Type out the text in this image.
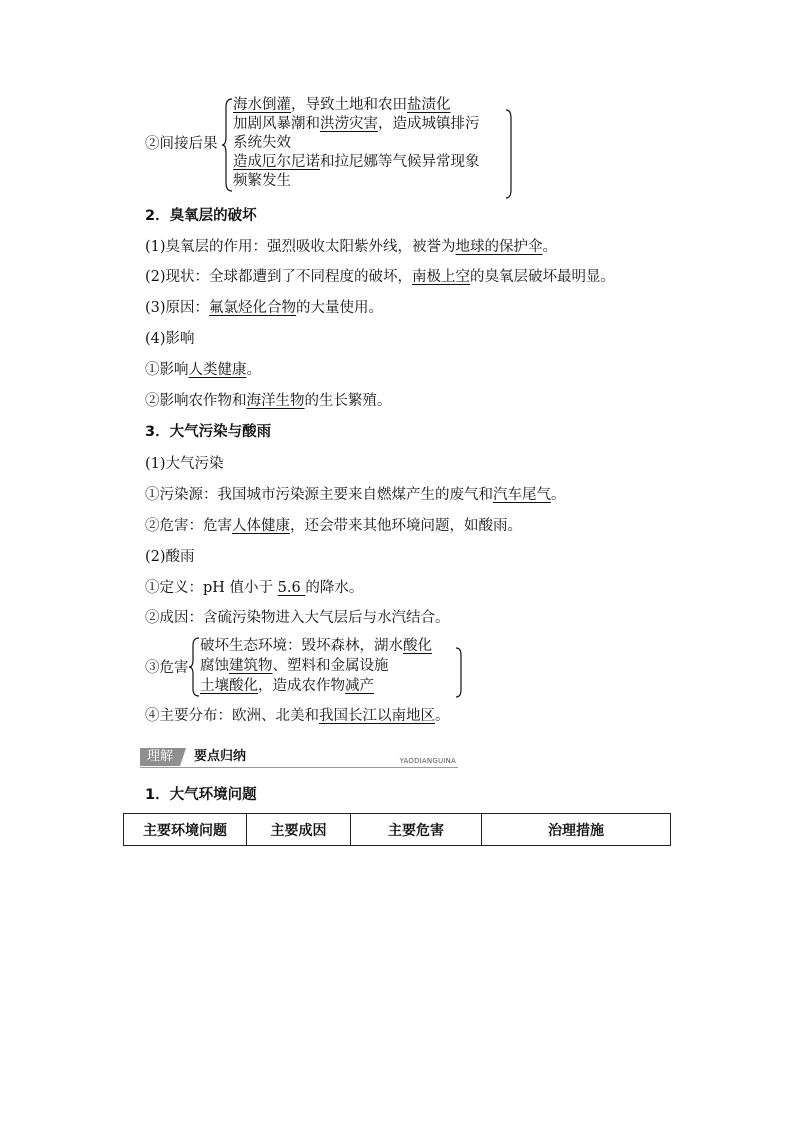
②间接后果
海水倒灌，导致土地和农田盐渍化
加剧风暴潮和洪涝灾害，造成城镇排污
系统失效
造成厄尔尼诺和拉尼娜等气候异常现象
频繁发生
2．臭氧层的破坏
(1)臭氧层的作用：强烈吸收太阳紫外线，被誉为地球的保护伞。
(2)现状：全球都遭到了不同程度的破坏，南极上空的臭氧层破坏最明显。
(3)原因：氟氯烃化合物的大量使用。
(4)影响
①影响人类健康。
②影响农作物和海洋生物的生长繁殖。
3．大气污染与酸雨
(1)大气污染
①污染源：我国城市污染源主要来自燃煤产生的废气和汽车尾气。
②危害：危害人体健康，还会带来其他环境问题，如酸雨。
(2)酸雨
①定义：pH 值小于 5.6 的降水。
②成因：含硫污染物进入大气层后与水汽结合。
③危害
破坏生态环境：毁坏森林，湖水酸化
腐蚀建筑物、塑料和金属设施
土壤酸化，造成农作物减产
④主要分布：欧洲、北美和我国长江以南地区。
理解	要点归纳	YAODIANGUINA
1．大气环境问题
主要环境问题	主要成因	主要危害	治理措施
